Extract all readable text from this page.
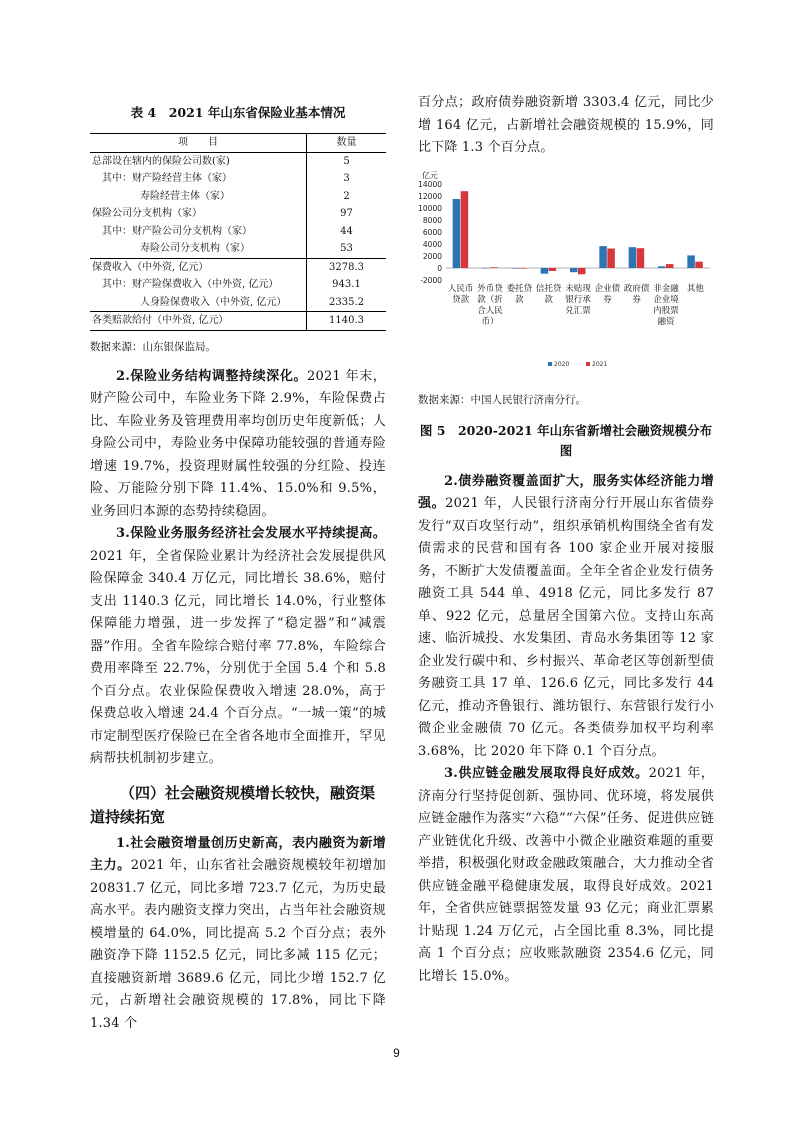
表 4　2021 年山东省保险业基本情况
项　　目	数量
总部设在辖内的保险公司数(家)	5
其中：财产险经营主体（家）	3
寿险经营主体（家）	2
保险公司分支机构（家）	97
其中：财产险公司分支机构（家）	44
寿险公司分支机构（家）	53
保费收入（中外资, 亿元）	3278.3
其中：财产险保费收入（中外资, 亿元）	943.1
人身险保费收入（中外资, 亿元）	2335.2
各类赔款给付（中外资, 亿元）	1140.3
数据来源：山东银保监局。

2.保险业务结构调整持续深化。2021 年末，财产险公司中，车险业务下降 2.9%，车险保费占比、车险业务及管理费用率均创历史年度新低；人身险公司中，寿险业务中保障功能较强的普通寿险增速 19.7%，投资理财属性较强的分红险、投连险、万能险分别下降 11.4%、15.0%和 9.5%，业务回归本源的态势持续稳固。

3.保险业务服务经济社会发展水平持续提高。2021 年，全省保险业累计为经济社会发展提供风险保障金 340.4 万亿元，同比增长 38.6%，赔付支出 1140.3 亿元，同比增长 14.0%，行业整体保障能力增强，进一步发挥了“稳定器”和“减震器”作用。全省车险综合赔付率 77.8%，车险综合费用率降至 22.7%，分别优于全国 5.4 个和 5.8 个百分点。农业保险保费收入增速 28.0%，高于保费总收入增速 24.4 个百分点。“一城一策”的城市定制型医疗保险已在全省各地市全面推开，罕见病帮扶机制初步建立。

（四）社会融资规模增长较快，融资渠道持续拓宽

1.社会融资增量创历史新高，表内融资为新增主力。2021 年，山东省社会融资规模较年初增加 20831.7 亿元，同比多增 723.7 亿元，为历史最高水平。表内融资支撑力突出，占当年社会融资规模增量的 64.0%，同比提高 5.2 个百分点；表外融资净下降 1152.5 亿元，同比多减 115 亿元；直接融资新增 3689.6 亿元，同比少增 152.7 亿元，占新增社会融资规模的 17.8%，同比下降 1.34 个

百分点；政府债券融资新增 3303.4 亿元，同比少增 164 亿元，占新增社会融资规模的 15.9%，同比下降 1.3 个百分点。

亿元
14000
12000
10000
8000
6000
4000
2000
0
-2000
人民币
贷款
外币贷
款（折
合人民
币）
委托贷
款
信托贷
款
未贴现
银行承
兑汇票
企业债
券
政府债
券
非金融
企业境
内股票
融资
其他
2020	2021
数据来源：中国人民银行济南分行。
图 5　2020-2021 年山东省新增社会融资规模分布图

2.债券融资覆盖面扩大，服务实体经济能力增强。2021 年，人民银行济南分行开展山东省债券发行“双百攻坚行动”，组织承销机构围绕全省有发债需求的民营和国有各 100 家企业开展对接服务，不断扩大发债覆盖面。全年全省企业发行债务融资工具 544 单、4918 亿元，同比多发行 87 单、922 亿元，总量居全国第六位。支持山东高速、临沂城投、水发集团、青岛水务集团等 12 家企业发行碳中和、乡村振兴、革命老区等创新型债务融资工具 17 单、126.6 亿元，同比多发行 44 亿元，推动齐鲁银行、潍坊银行、东营银行发行小微企业金融债 70 亿元。各类债券加权平均利率 3.68%，比 2020 年下降 0.1 个百分点。

3.供应链金融发展取得良好成效。2021 年，济南分行坚持促创新、强协同、优环境，将发展供应链金融作为落实“六稳”“六保”任务、促进供应链产业链优化升级、改善中小微企业融资难题的重要举措，积极强化财政金融政策融合，大力推动全省供应链金融平稳健康发展，取得良好成效。2021 年，全省供应链票据签发量 93 亿元；商业汇票累计贴现 1.24 万亿元，占全国比重 8.3%，同比提高 1 个百分点；应收账款融资 2354.6 亿元，同比增长 15.0%。

9
